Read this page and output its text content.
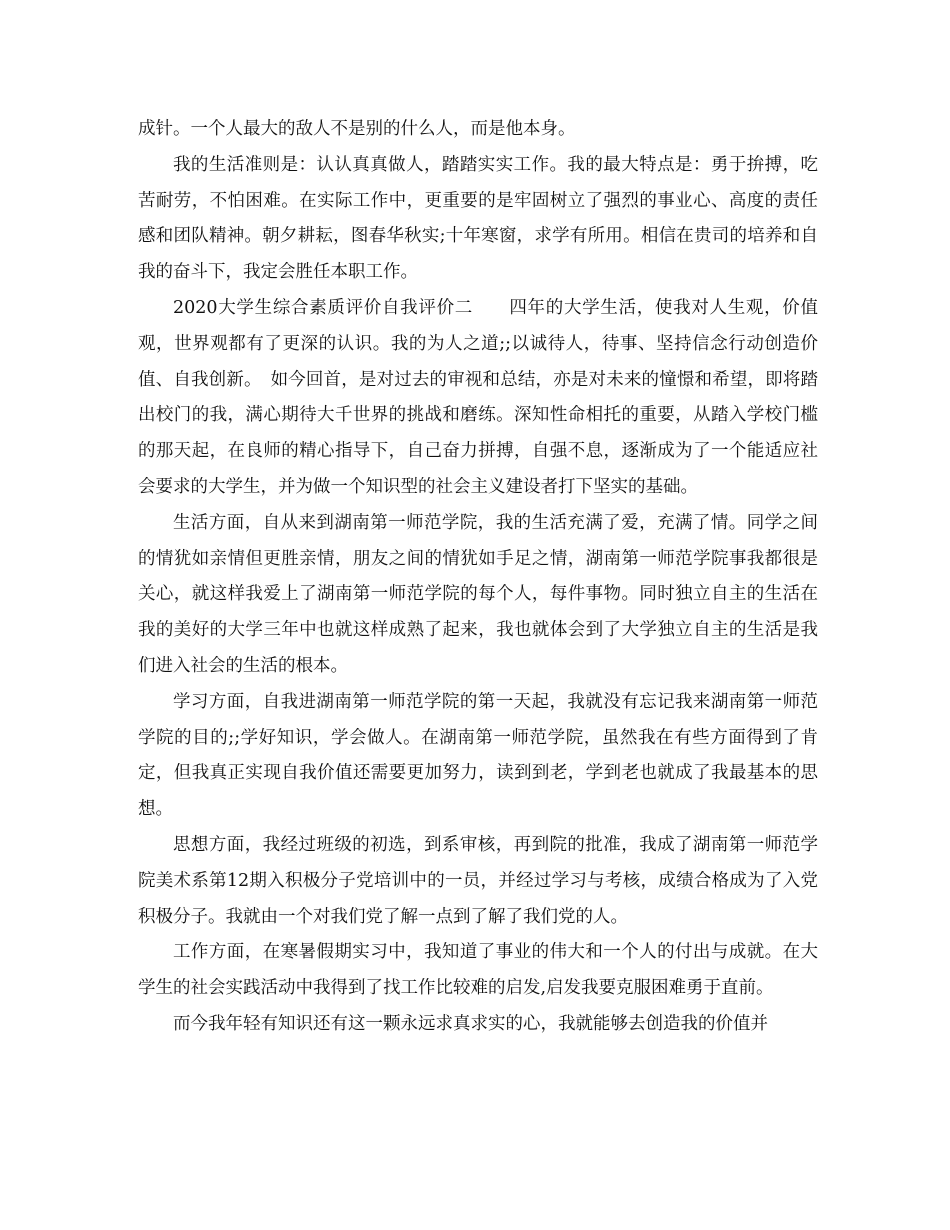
成针。一个人最大的敌人不是别的什么人，而是他本身。

我的生活准则是：认认真真做人，踏踏实实工作。我的最大特点是：勇于拚搏，吃苦耐劳，不怕困难。在实际工作中，更重要的是牢固树立了强烈的事业心、高度的责任感和团队精神。朝夕耕耘，图春华秋实;十年寒窗，求学有所用。相信在贵司的培养和自我的奋斗下，我定会胜任本职工作。

2020大学生综合素质评价自我评价二　　四年的大学生活，使我对人生观，价值观，世界观都有了更深的认识。我的为人之道;;以诚待人，待事、坚持信念行动创造价值、自我创新。　如今回首，是对过去的审视和总结，亦是对未来的憧憬和希望，即将踏出校门的我，满心期待大千世界的挑战和磨练。深知性命相托的重要，从踏入学校门槛的那天起，在良师的精心指导下，自己奋力拼搏，自强不息，逐渐成为了一个能适应社会要求的大学生，并为做一个知识型的社会主义建设者打下坚实的基础。

生活方面，自从来到湖南第一师范学院，我的生活充满了爱，充满了情。同学之间的情犹如亲情但更胜亲情，朋友之间的情犹如手足之情，湖南第一师范学院事我都很是关心，就这样我爱上了湖南第一师范学院的每个人，每件事物。同时独立自主的生活在我的美好的大学三年中也就这样成熟了起来，我也就体会到了大学独立自主的生活是我们进入社会的生活的根本。

学习方面，自我进湖南第一师范学院的第一天起，我就没有忘记我来湖南第一师范学院的目的;;学好知识，学会做人。在湖南第一师范学院，虽然我在有些方面得到了肯定，但我真正实现自我价值还需要更加努力，读到到老，学到老也就成了我最基本的思想。

思想方面，我经过班级的初选，到系审核，再到院的批准，我成了湖南第一师范学院美术系第12期入积极分子党培训中的一员，并经过学习与考核，成绩合格成为了入党积极分子。我就由一个对我们党了解一点到了解了我们党的人。

工作方面，在寒暑假期实习中，我知道了事业的伟大和一个人的付出与成就。在大学生的社会实践活动中我得到了找工作比较难的启发,启发我要克服困难勇于直前。

而今我年轻有知识还有这一颗永远求真求实的心，我就能够去创造我的价值并
